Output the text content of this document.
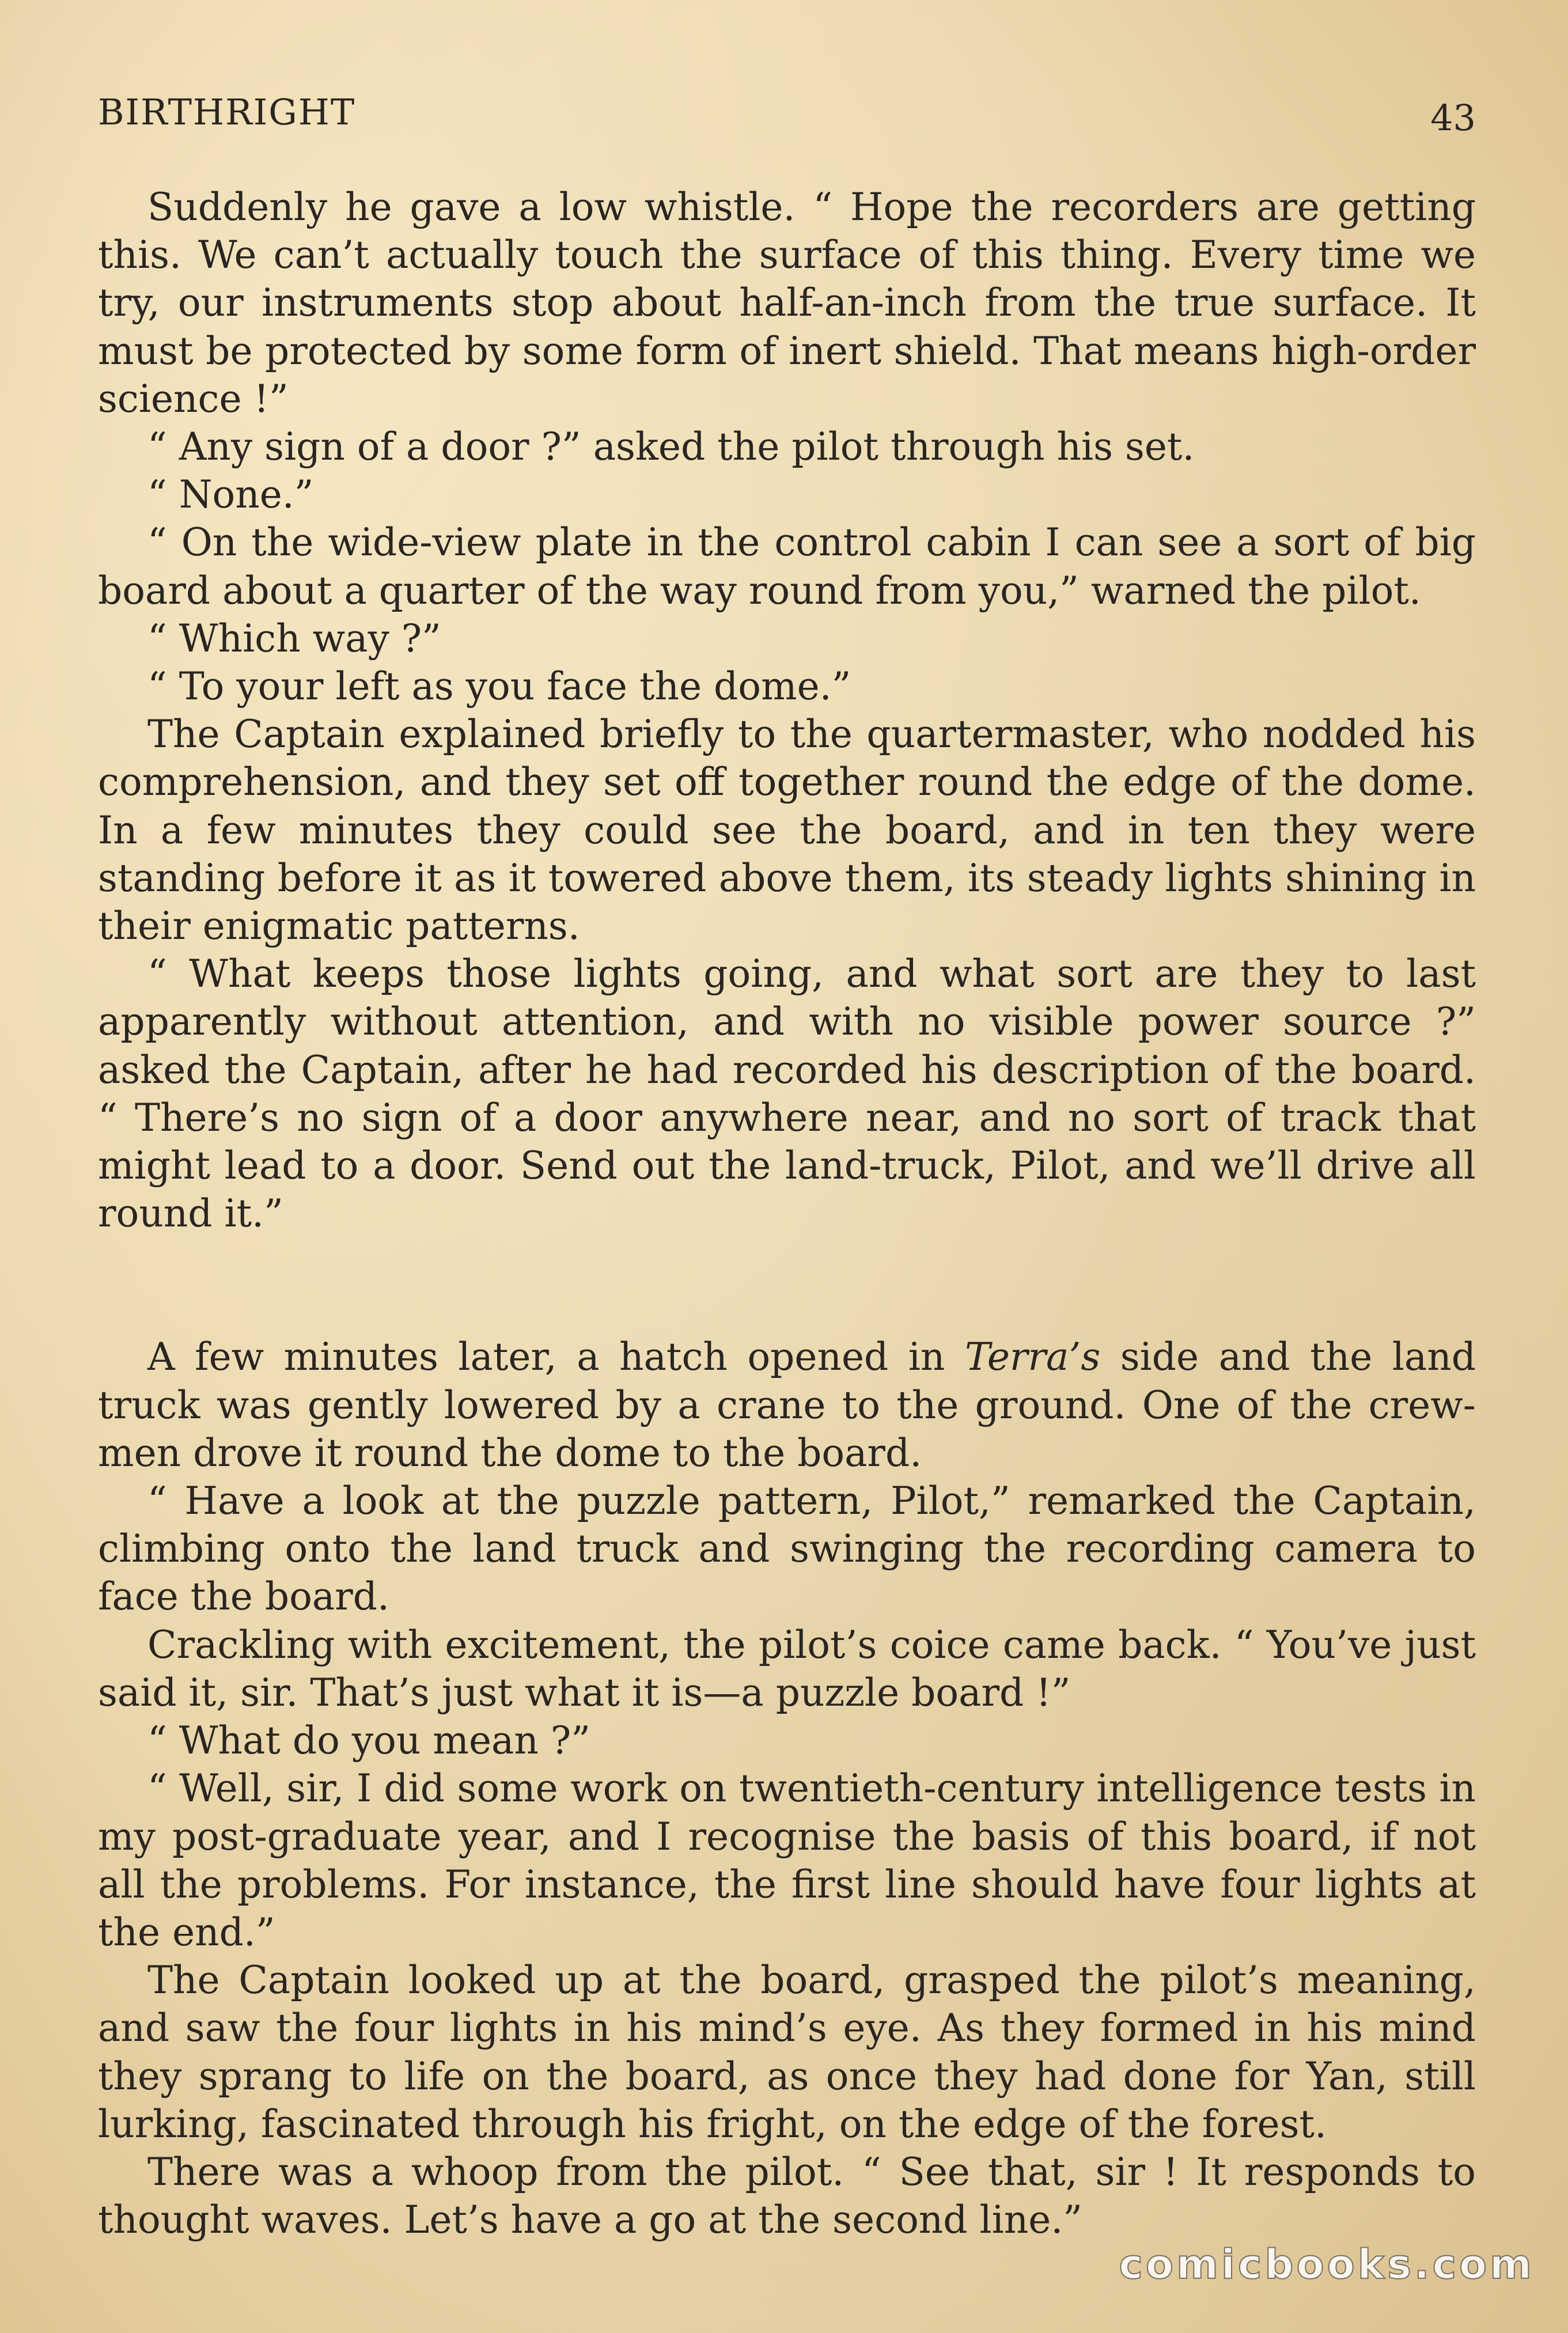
BIRTHRIGHT	43

Suddenly he gave a low whistle. “ Hope the recorders are getting this. We can’t actually touch the surface of this thing. Every time we try, our instruments stop about half-an-inch from the true surface. It must be protected by some form of inert shield. That means high-order science !”

“ Any sign of a door ?” asked the pilot through his set.

“ None.”

“ On the wide-view plate in the control cabin I can see a sort of big board about a quarter of the way round from you,” warned the pilot.

“ Which way ?”

“ To your left as you face the dome.”

The Captain explained briefly to the quartermaster, who nodded his comprehension, and they set off together round the edge of the dome. In a few minutes they could see the board, and in ten they were standing before it as it towered above them, its steady lights shining in their enigmatic patterns.

“ What keeps those lights going, and what sort are they to last apparently without attention, and with no visible power source ?” asked the Captain, after he had recorded his description of the board. “ There’s no sign of a door anywhere near, and no sort of track that might lead to a door. Send out the land-truck, Pilot, and we’ll drive all round it.”

A few minutes later, a hatch opened in Terra’s side and the land truck was gently lowered by a crane to the ground. One of the crew-men drove it round the dome to the board.

“ Have a look at the puzzle pattern, Pilot,” remarked the Captain, climbing onto the land truck and swinging the recording camera to face the board.

Crackling with excitement, the pilot’s coice came back. “ You’ve just said it, sir. That’s just what it is—a puzzle board !”

“ What do you mean ?”

“ Well, sir, I did some work on twentieth-century intelligence tests in my post-graduate year, and I recognise the basis of this board, if not all the problems. For instance, the first line should have four lights at the end.”

The Captain looked up at the board, grasped the pilot’s meaning, and saw the four lights in his mind’s eye. As they formed in his mind they sprang to life on the board, as once they had done for Yan, still lurking, fascinated through his fright, on the edge of the forest.

There was a whoop from the pilot. “ See that, sir ! It responds to thought waves. Let’s have a go at the second line.”

comicbooks.com
